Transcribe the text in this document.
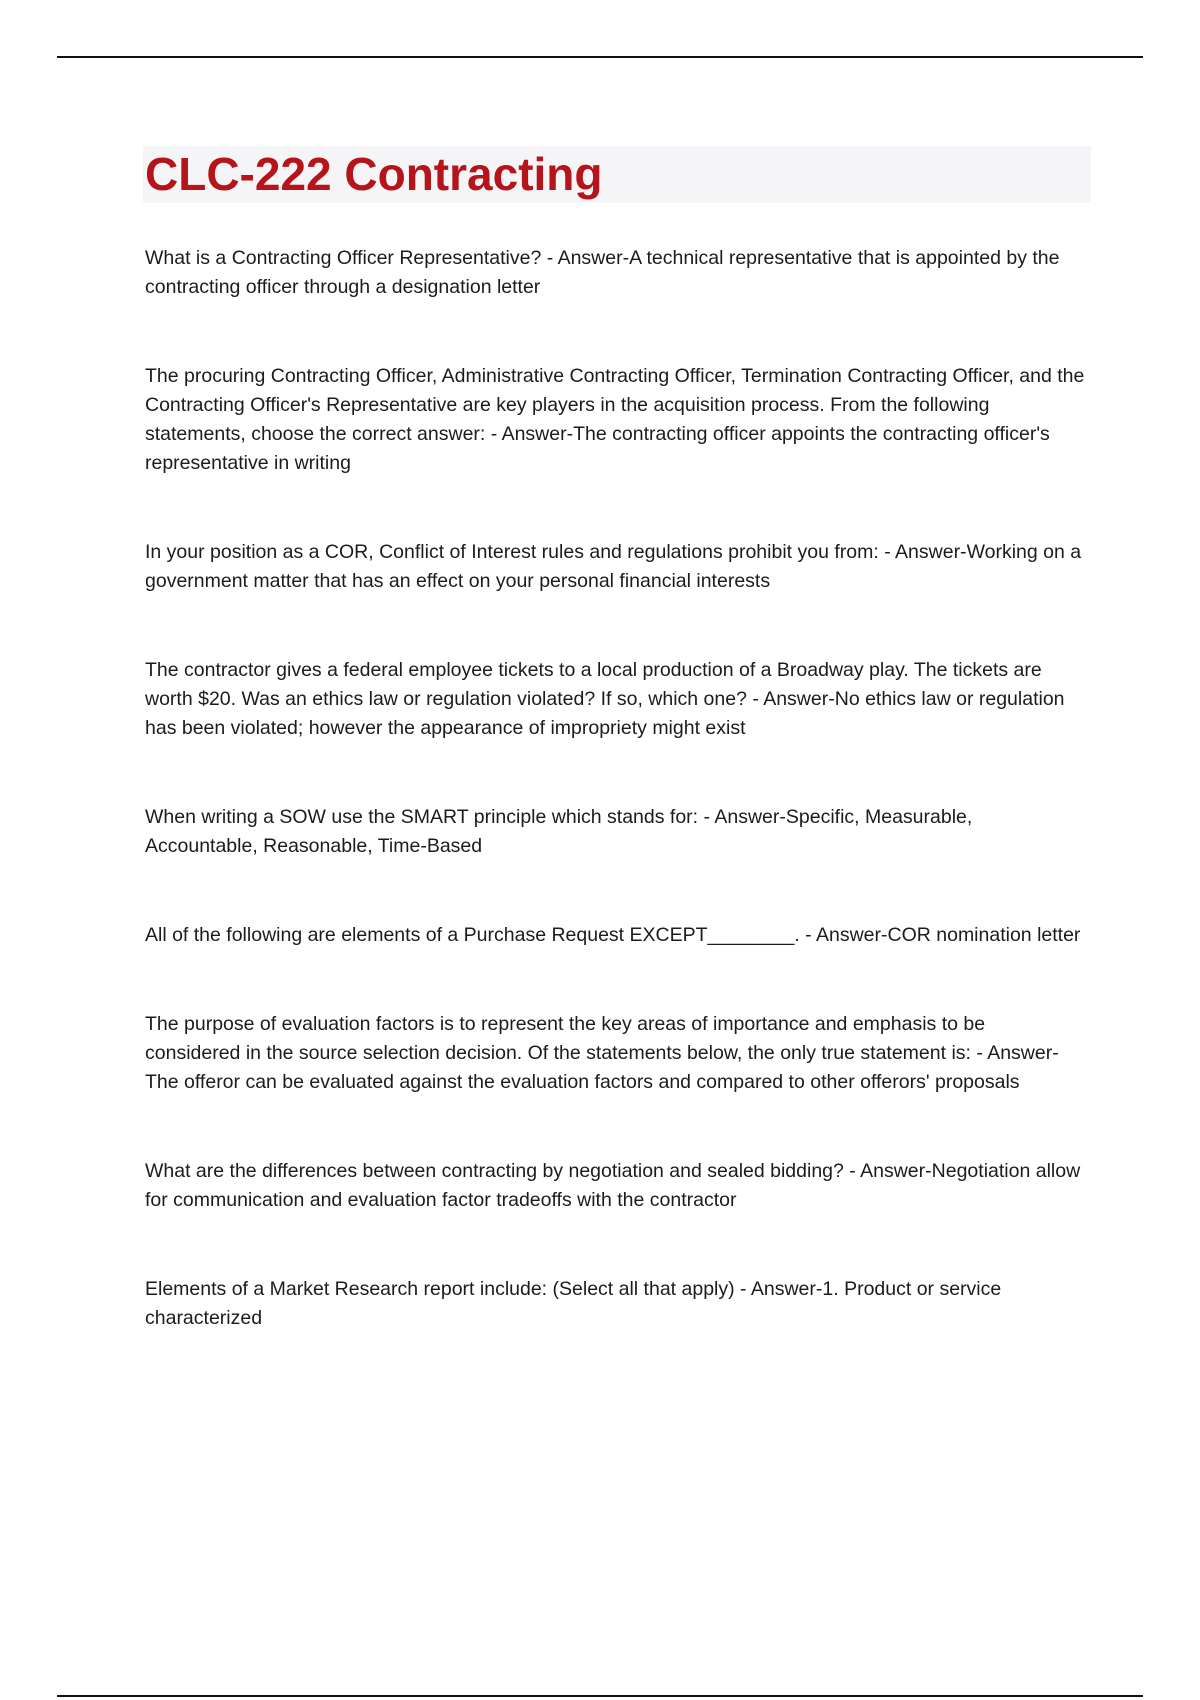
CLC-222 Contracting

What is a Contracting Officer Representative? - Answer-A technical representative that is appointed by the contracting officer through a designation letter

The procuring Contracting Officer, Administrative Contracting Officer, Termination Contracting Officer, and the Contracting Officer's Representative are key players in the acquisition process. From the following statements, choose the correct answer: - Answer-The contracting officer appoints the contracting officer's representative in writing

In your position as a COR, Conflict of Interest rules and regulations prohibit you from: - Answer-Working on a government matter that has an effect on your personal financial interests

The contractor gives a federal employee tickets to a local production of a Broadway play. The tickets are worth $20. Was an ethics law or regulation violated? If so, which one? - Answer-No ethics law or regulation has been violated; however the appearance of impropriety might exist

When writing a SOW use the SMART principle which stands for: - Answer-Specific, Measurable, Accountable, Reasonable, Time-Based

All of the following are elements of a Purchase Request EXCEPT________. - Answer-COR nomination letter

The purpose of evaluation factors is to represent the key areas of importance and emphasis to be considered in the source selection decision. Of the statements below, the only true statement is: - Answer-The offeror can be evaluated against the evaluation factors and compared to other offerors' proposals

What are the differences between contracting by negotiation and sealed bidding? - Answer-Negotiation allow for communication and evaluation factor tradeoffs with the contractor

Elements of a Market Research report include: (Select all that apply) - Answer-1. Product or service characterized
